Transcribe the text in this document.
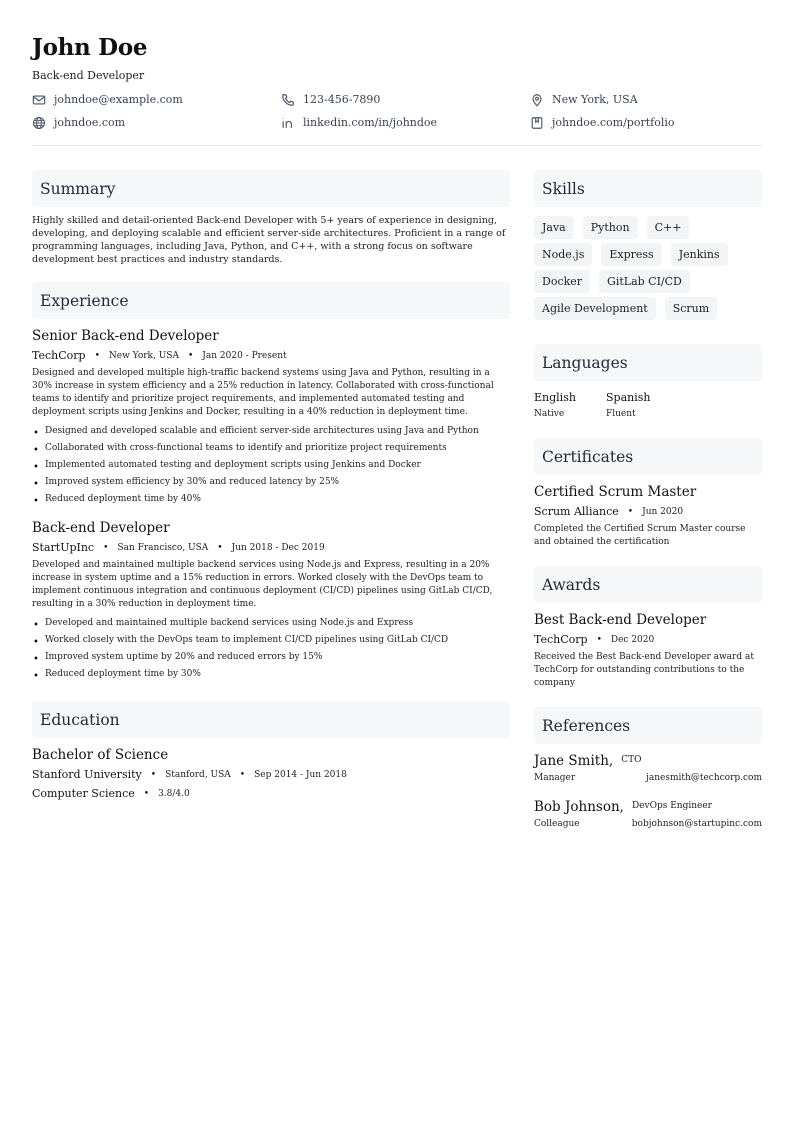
John Doe
Back-end Developer
johndoe@example.com	123-456-7890	New York, USA
johndoe.com	linkedin.com/in/johndoe	johndoe.com/portfolio
Summary
Highly skilled and detail-oriented Back-end Developer with 5+ years of experience in designing, developing, and deploying scalable and efficient server-side architectures. Proficient in a range of programming languages, including Java, Python, and C++, with a strong focus on software development best practices and industry standards.
Experience
Senior Back-end Developer
TechCorp • New York, USA • Jan 2020 - Present
Designed and developed multiple high-traffic backend systems using Java and Python, resulting in a 30% increase in system efficiency and a 25% reduction in latency. Collaborated with cross-functional teams to identify and prioritize project requirements, and implemented automated testing and deployment scripts using Jenkins and Docker, resulting in a 40% reduction in deployment time.
• Designed and developed scalable and efficient server-side architectures using Java and Python
• Collaborated with cross-functional teams to identify and prioritize project requirements
• Implemented automated testing and deployment scripts using Jenkins and Docker
• Improved system efficiency by 30% and reduced latency by 25%
• Reduced deployment time by 40%
Back-end Developer
StartUpInc • San Francisco, USA • Jun 2018 - Dec 2019
Developed and maintained multiple backend services using Node.js and Express, resulting in a 20% increase in system uptime and a 15% reduction in errors. Worked closely with the DevOps team to implement continuous integration and continuous deployment (CI/CD) pipelines using GitLab CI/CD, resulting in a 30% reduction in deployment time.
• Developed and maintained multiple backend services using Node.js and Express
• Worked closely with the DevOps team to implement CI/CD pipelines using GitLab CI/CD
• Improved system uptime by 20% and reduced errors by 15%
• Reduced deployment time by 30%
Education
Bachelor of Science
Stanford University • Stanford, USA • Sep 2014 - Jun 2018
Computer Science • 3.8/4.0
Skills
Java	Python	C++
Node.js	Express	Jenkins
Docker	GitLab CI/CD
Agile Development	Scrum
Languages
English
Native
Spanish
Fluent
Certificates
Certified Scrum Master
Scrum Alliance • Jun 2020
Completed the Certified Scrum Master course and obtained the certification
Awards
Best Back-end Developer
TechCorp • Dec 2020
Received the Best Back-end Developer award at TechCorp for outstanding contributions to the company
References
Jane Smith, CTO
Manager	janesmith@techcorp.com
Bob Johnson, DevOps Engineer
Colleague	bobjohnson@startupinc.com
